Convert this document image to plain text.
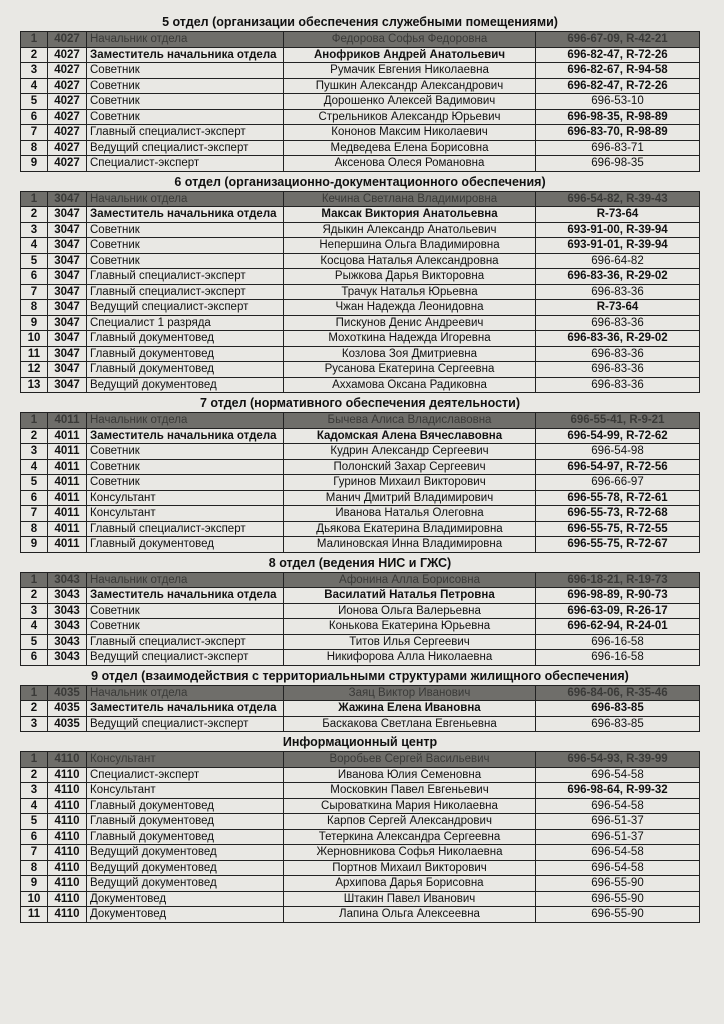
5 отдел (организации обеспечения служебными помещениями)
1	4027	Начальник отдела	Федорова Софья Федоровна	696-67-09, R-42-21
2	4027	Заместитель начальника отдела	Анофриков Андрей Анатольевич	696-82-47, R-72-26
3	4027	Советник	Румачик Евгения Николаевна	696-82-67, R-94-58
4	4027	Советник	Пушкин Александр Александрович	696-82-47, R-72-26
5	4027	Советник	Дорошенко Алексей Вадимович	696-53-10
6	4027	Советник	Стрельников Александр Юрьевич	696-98-35, R-98-89
7	4027	Главный специалист-эксперт	Кононов Максим Николаевич	696-83-70, R-98-89
8	4027	Ведущий специалист-эксперт	Медведева Елена Борисовна	696-83-71
9	4027	Специалист-эксперт	Аксенова Олеся Романовна	696-98-35
6 отдел (организационно-документационного обеспечения)
1	3047	Начальник отдела	Кечина Светлана Владимировна	696-54-82, R-39-43
2	3047	Заместитель начальника отдела	Максак Виктория Анатольевна	R-73-64
3	3047	Советник	Ядыкин Александр Анатольевич	693-91-00, R-39-94
4	3047	Советник	Непершина Ольга Владимировна	693-91-01, R-39-94
5	3047	Советник	Косцова Наталья Александровна	696-64-82
6	3047	Главный специалист-эксперт	Рыжкова Дарья Викторовна	696-83-36, R-29-02
7	3047	Главный специалист-эксперт	Трачук Наталья Юрьевна	696-83-36
8	3047	Ведущий специалист-эксперт	Чжан Надежда Леонидовна	R-73-64
9	3047	Специалист 1 разряда	Пискунов Денис Андреевич	696-83-36
10	3047	Главный документовед	Мохоткина Надежда Игоревна	696-83-36, R-29-02
11	3047	Главный документовед	Козлова Зоя Дмитриевна	696-83-36
12	3047	Главный документовед	Русанова Екатерина Сергеевна	696-83-36
13	3047	Ведущий документовед	Аххамова Оксана Радиковна	696-83-36
7 отдел (нормативного обеспечения деятельности)
1	4011	Начальник отдела	Бычева Алиса Владиславовна	696-55-41, R-9-21
2	4011	Заместитель начальника отдела	Кадомская Алена Вячеславовна	696-54-99, R-72-62
3	4011	Советник	Кудрин Александр Сергеевич	696-54-98
4	4011	Советник	Полонский Захар Сергеевич	696-54-97, R-72-56
5	4011	Советник	Гуринов Михаил Викторович	696-66-97
6	4011	Консультант	Манич Дмитрий Владимирович	696-55-78, R-72-61
7	4011	Консультант	Иванова Наталья Олеговна	696-55-73, R-72-68
8	4011	Главный специалист-эксперт	Дьякова Екатерина Владимировна	696-55-75, R-72-55
9	4011	Главный документовед	Малиновская Инна Владимировна	696-55-75, R-72-67
8 отдел (ведения НИС и ГЖС)
1	3043	Начальник отдела	Афонина Алла Борисовна	696-18-21, R-19-73
2	3043	Заместитель начальника отдела	Василатий Наталья Петровна	696-98-89, R-90-73
3	3043	Советник	Ионова Ольга Валерьевна	696-63-09, R-26-17
4	3043	Советник	Конькова Екатерина Юрьевна	696-62-94, R-24-01
5	3043	Главный специалист-эксперт	Титов Илья Сергеевич	696-16-58
6	3043	Ведущий специалист-эксперт	Никифорова Алла Николаевна	696-16-58
9 отдел (взаимодействия с территориальными структурами жилищного обеспечения)
1	4035	Начальник отдела	Заяц Виктор Иванович	696-84-06, R-35-46
2	4035	Заместитель начальника отдела	Жажина Елена Ивановна	696-83-85
3	4035	Ведущий специалист-эксперт	Баскакова Светлана Евгеньевна	696-83-85
Информационный центр
1	4110	Консультант	Воробьев Сергей Васильевич	696-54-93, R-39-99
2	4110	Специалист-эксперт	Иванова Юлия Семеновна	696-54-58
3	4110	Консультант	Московкин Павел Евгеньевич	696-98-64, R-99-32
4	4110	Главный документовед	Сыроваткина Мария Николаевна	696-54-58
5	4110	Главный документовед	Карпов Сергей Александрович	696-51-37
6	4110	Главный документовед	Тетеркина Александра Сергеевна	696-51-37
7	4110	Ведущий документовед	Жерновникова Софья Николаевна	696-54-58
8	4110	Ведущий документовед	Портнов Михаил Викторович	696-54-58
9	4110	Ведущий документовед	Архипова Дарья Борисовна	696-55-90
10	4110	Документовед	Штакин Павел Иванович	696-55-90
11	4110	Документовед	Лапина Ольга Алексеевна	696-55-90
